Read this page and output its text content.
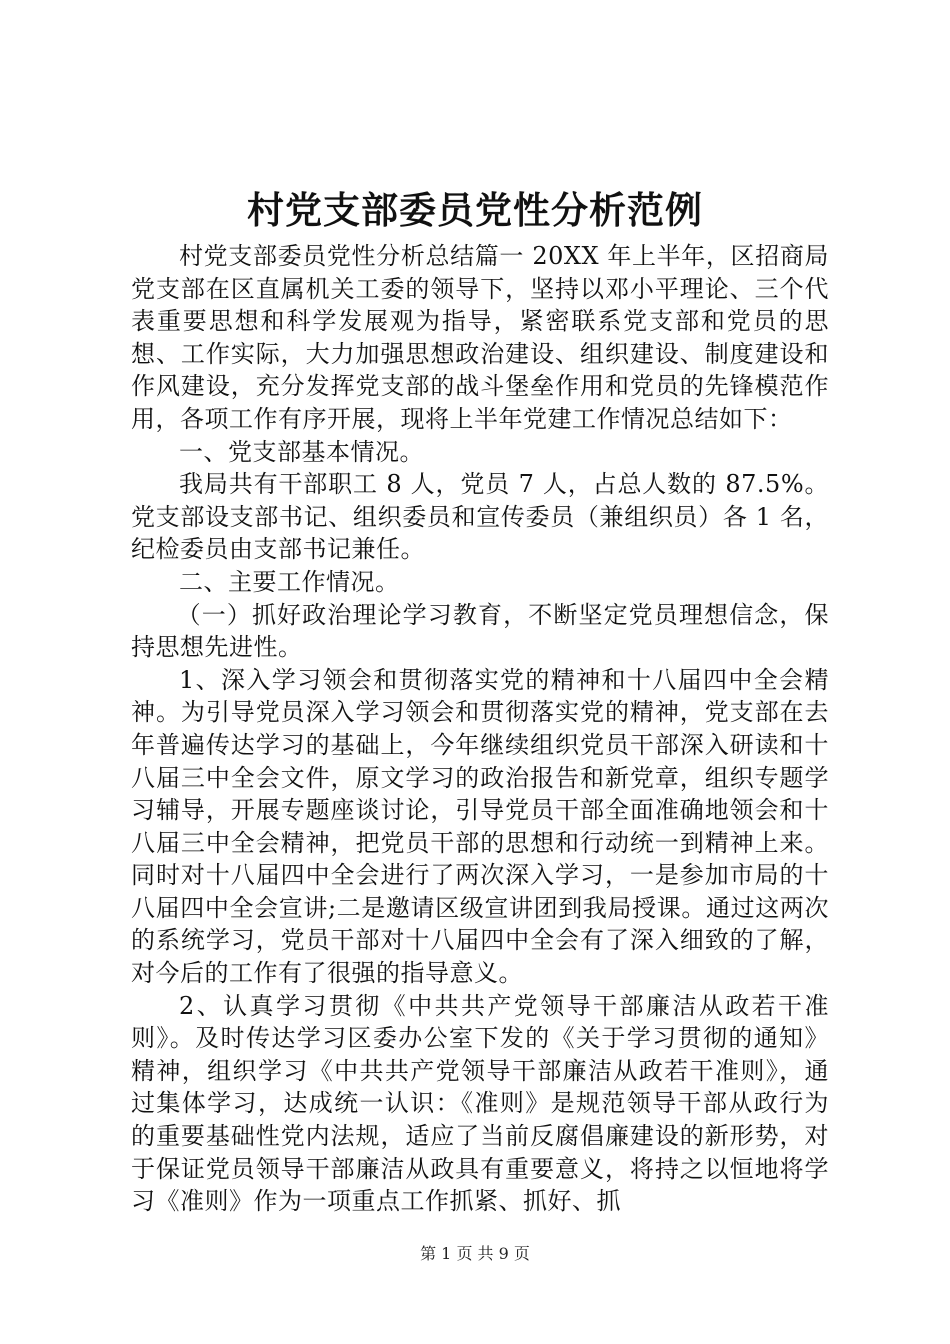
村党支部委员党性分析范例

村党支部委员党性分析总结篇一 20XX 年上半年，区招商局党支部在区直属机关工委的领导下，坚持以邓小平理论、三个代表重要思想和科学发展观为指导，紧密联系党支部和党员的思想、工作实际，大力加强思想政治建设、组织建设、制度建设和作风建设，充分发挥党支部的战斗堡垒作用和党员的先锋模范作用，各项工作有序开展，现将上半年党建工作情况总结如下：

一、党支部基本情况。

我局共有干部职工 8 人，党员 7 人，占总人数的 87.5%。党支部设支部书记、组织委员和宣传委员（兼组织员）各 1 名，纪检委员由支部书记兼任。

二、主要工作情况。

（一）抓好政治理论学习教育，不断坚定党员理想信念，保持思想先进性。

1、深入学习领会和贯彻落实党的精神和十八届四中全会精神。为引导党员深入学习领会和贯彻落实党的精神，党支部在去年普遍传达学习的基础上，今年继续组织党员干部深入研读和十八届三中全会文件，原文学习的政治报告和新党章，组织专题学习辅导，开展专题座谈讨论，引导党员干部全面准确地领会和十八届三中全会精神，把党员干部的思想和行动统一到精神上来。同时对十八届四中全会进行了两次深入学习，一是参加市局的十八届四中全会宣讲;二是邀请区级宣讲团到我局授课。通过这两次的系统学习，党员干部对十八届四中全会有了深入细致的了解，对今后的工作有了很强的指导意义。

2、认真学习贯彻《中共共产党领导干部廉洁从政若干准则》。及时传达学习区委办公室下发的《关于学习贯彻的通知》精神，组织学习《中共共产党领导干部廉洁从政若干准则》，通过集体学习，达成统一认识：《准则》是规范领导干部从政行为的重要基础性党内法规，适应了当前反腐倡廉建设的新形势，对于保证党员领导干部廉洁从政具有重要意义，将持之以恒地将学习《准则》作为一项重点工作抓紧、抓好、抓

第 1 页 共 9 页
